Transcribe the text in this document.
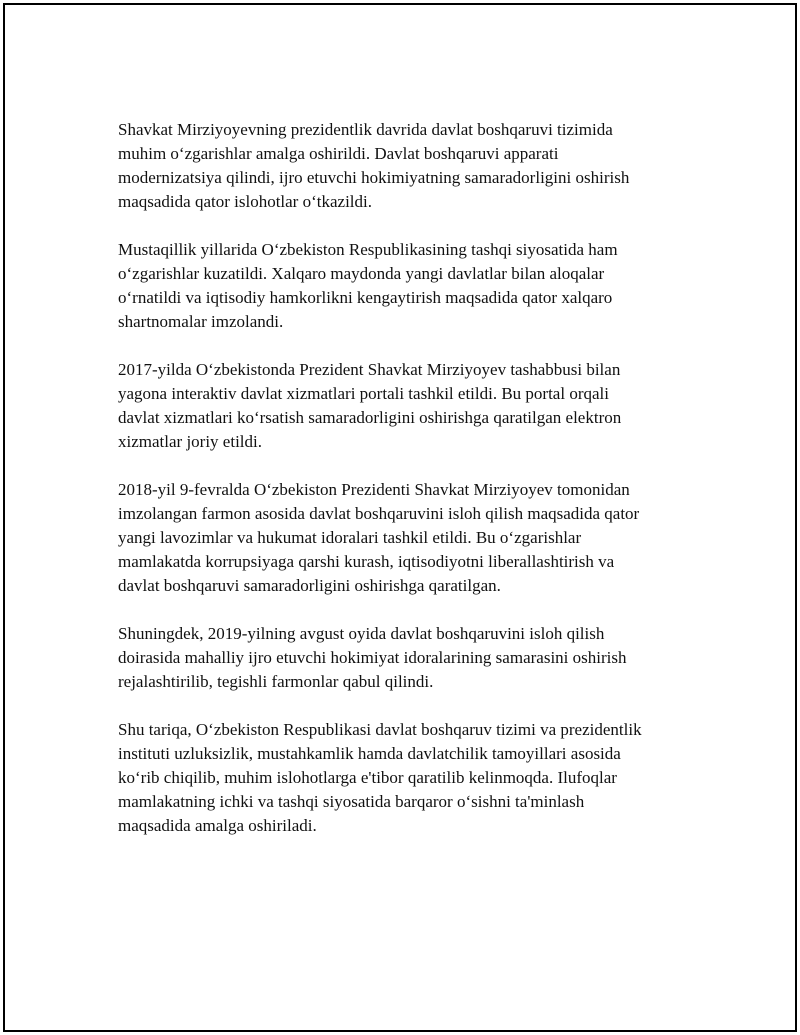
Shavkat Mirziyoyevning prezidentlik davrida davlat boshqaruvi tizimida
muhim o‘zgarishlar amalga oshirildi. Davlat boshqaruvi apparati
modernizatsiya qilindi, ijro etuvchi hokimiyatning samaradorligini oshirish
maqsadida qator islohotlar o‘tkazildi.

Mustaqillik yillarida O‘zbekiston Respublikasining tashqi siyosatida ham
o‘zgarishlar kuzatildi. Xalqaro maydonda yangi davlatlar bilan aloqalar
o‘rnatildi va iqtisodiy hamkorlikni kengaytirish maqsadida qator xalqaro
shartnomalar imzolandi.

2017-yilda O‘zbekistonda Prezident Shavkat Mirziyoyev tashabbusi bilan
yagona interaktiv davlat xizmatlari portali tashkil etildi. Bu portal orqali
davlat xizmatlari ko‘rsatish samaradorligini oshirishga qaratilgan elektron
xizmatlar joriy etildi.

2018-yil 9-fevralda O‘zbekiston Prezidenti Shavkat Mirziyoyev tomonidan
imzolangan farmon asosida davlat boshqaruvini isloh qilish maqsadida qator
yangi lavozimlar va hukumat idoralari tashkil etildi. Bu o‘zgarishlar
mamlakatda korrupsiyaga qarshi kurash, iqtisodiyotni liberallashtirish va
davlat boshqaruvi samaradorligini oshirishga qaratilgan.

Shuningdek, 2019-yilning avgust oyida davlat boshqaruvini isloh qilish
doirasida mahalliy ijro etuvchi hokimiyat idoralarining samarasini oshirish
rejalashtirilib, tegishli farmonlar qabul qilindi.

Shu tariqa, O‘zbekiston Respublikasi davlat boshqaruv tizimi va prezidentlik
instituti uzluksizlik, mustahkamlik hamda davlatchilik tamoyillari asosida
ko‘rib chiqilib, muhim islohotlarga e'tibor qaratilib kelinmoqda. Ilufoqlar
mamlakatning ichki va tashqi siyosatida barqaror o‘sishni ta'minlash
maqsadida amalga oshiriladi.
